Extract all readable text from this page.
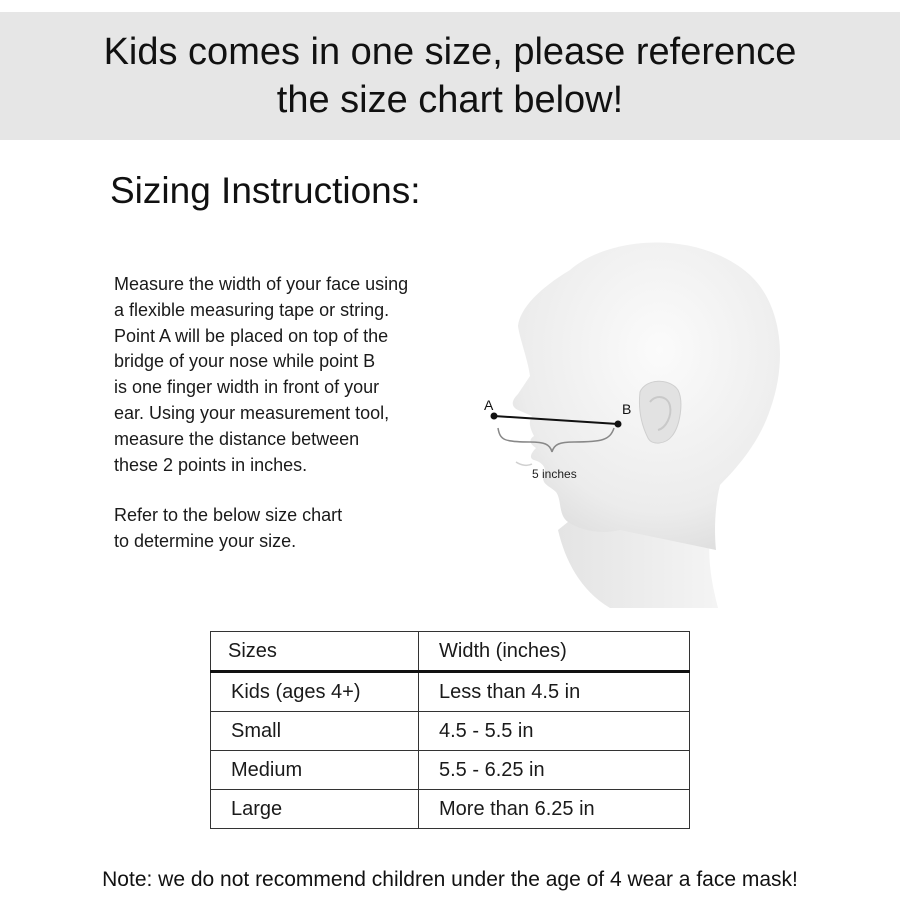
Kids comes in one size, please reference
the size chart below!
Sizing Instructions:

Measure the width of your face using
a flexible measuring tape or string.
Point A will be placed on top of the
bridge of your nose while point B
is one finger width in front of your
ear. Using your measurement tool,
measure the distance between
these 2 points in inches.

Refer to the below size chart
to determine your size.

A	B
5 inches
Sizes	Width (inches)
Kids (ages 4+)	Less than 4.5 in
Small	4.5 - 5.5 in
Medium	5.5 - 6.25 in
Large	More than 6.25 in

Note: we do not recommend children under the age of 4 wear a face mask!
